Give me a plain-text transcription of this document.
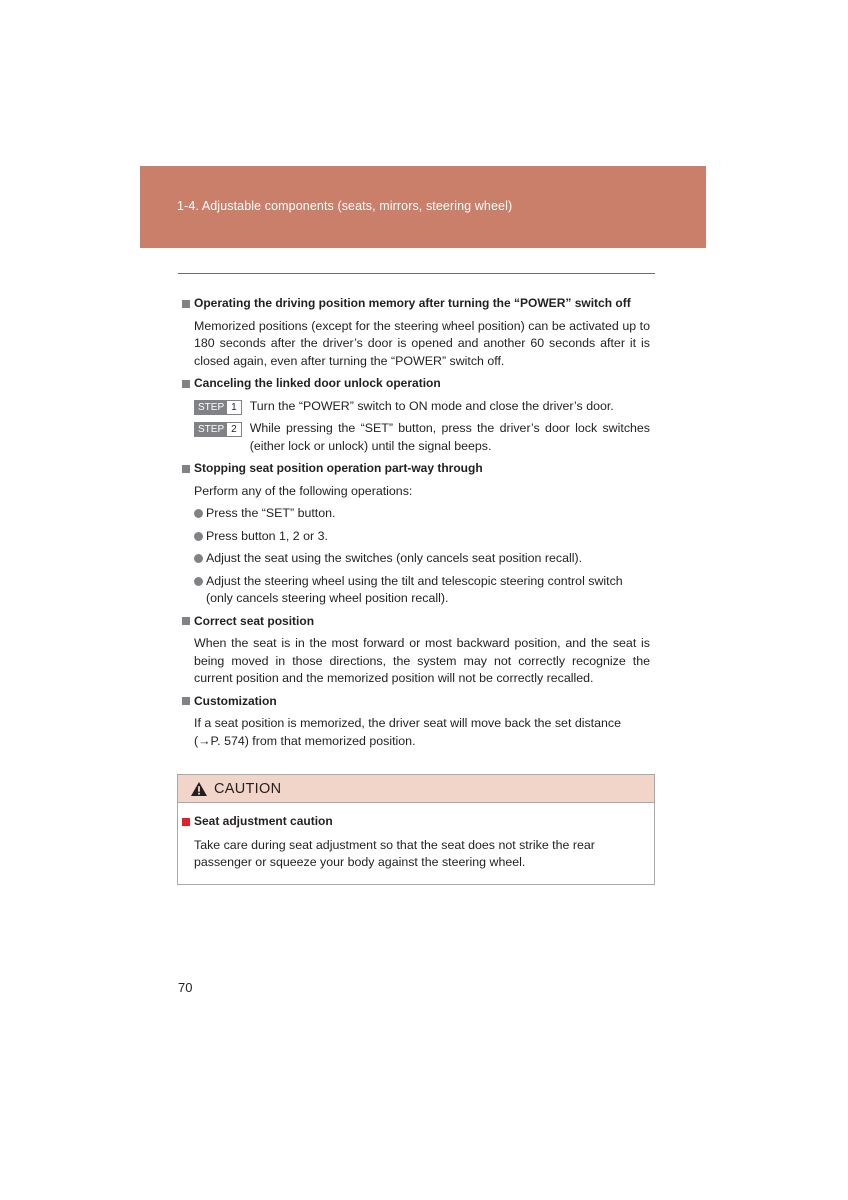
1-4. Adjustable components (seats, mirrors, steering wheel)
Operating the driving position memory after turning the “POWER” switch off
Memorized positions (except for the steering wheel position) can be activated up to 180 seconds after the driver’s door is opened and another 60 seconds after it is closed again, even after turning the “POWER” switch off.
Canceling the linked door unlock operation
STEP 1	Turn the “POWER” switch to ON mode and close the driver’s door.
STEP 2	While pressing the “SET” button, press the driver’s door lock switches (either lock or unlock) until the signal beeps.
Stopping seat position operation part-way through
Perform any of the following operations:
Press the “SET” button.
Press button 1, 2 or 3.
Adjust the seat using the switches (only cancels seat position recall).
Adjust the steering wheel using the tilt and telescopic steering control switch (only cancels steering wheel position recall).
Correct seat position
When the seat is in the most forward or most backward position, and the seat is being moved in those directions, the system may not correctly recognize the current position and the memorized position will not be correctly recalled.
Customization
If a seat position is memorized, the driver seat will move back the set distance (→P. 574) from that memorized position.
CAUTION
Seat adjustment caution
Take care during seat adjustment so that the seat does not strike the rear passenger or squeeze your body against the steering wheel.
70
